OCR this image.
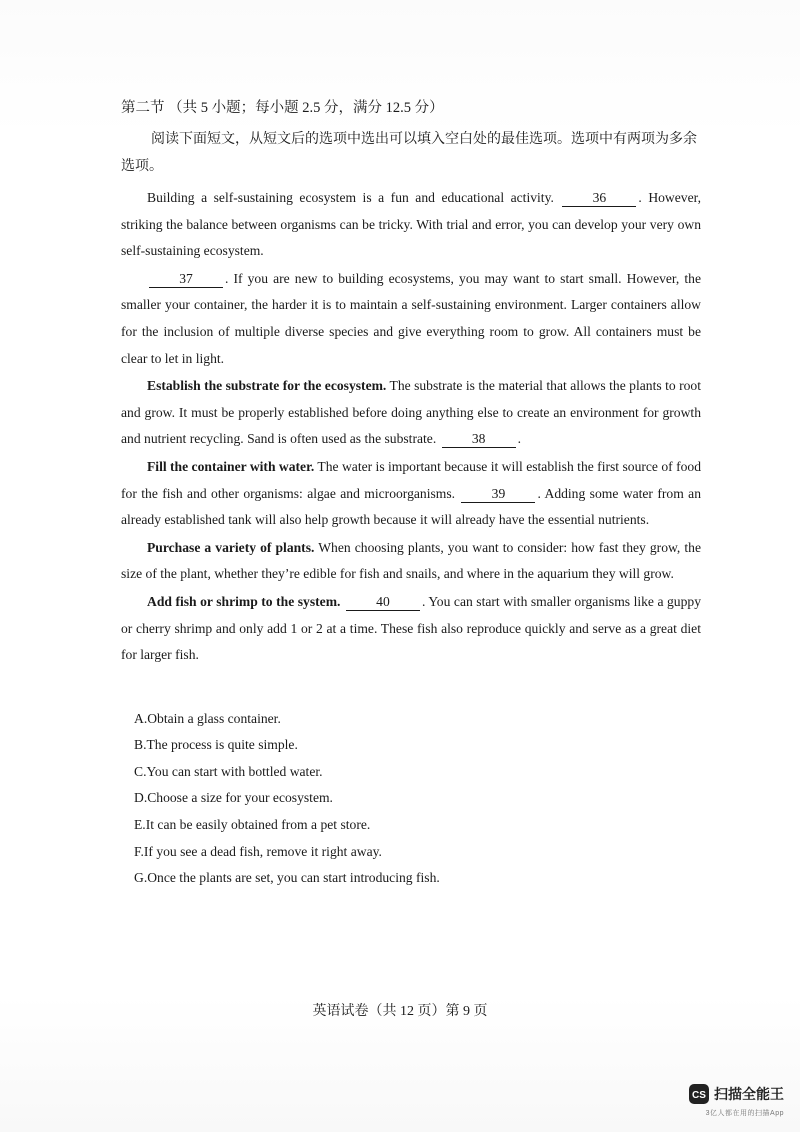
第二节 （共 5 小题；每小题 2.5 分，满分 12.5 分）
阅读下面短文，从短文后的选项中选出可以填入空白处的最佳选项。选项中有两项为多余选项。
Building a self-sustaining ecosystem is a fun and educational activity.	36 . However, striking the balance between organisms can be tricky. With trial and error, you can develop your very own self-sustaining ecosystem.
37 . If you are new to building ecosystems, you may want to start small. However, the smaller your container, the harder it is to maintain a self-sustaining environment. Larger containers allow for the inclusion of multiple diverse species and give everything room to grow. All containers must be clear to let in light.
Establish the substrate for the ecosystem. The substrate is the material that allows the plants to root and grow. It must be properly established before doing anything else to create an environment for growth and nutrient recycling. Sand is often used as the substrate.	38 .
Fill the container with water. The water is important because it will establish the first source of food for the fish and other organisms: algae and microorganisms.	39 . Adding some water from an already established tank will also help growth because it will already have the essential nutrients.
Purchase a variety of plants. When choosing plants, you want to consider: how fast they grow, the size of the plant, whether they’re edible for fish and snails, and where in the aquarium they will grow.
Add fish or shrimp to the system.	40 . You can start with smaller organisms like a guppy or cherry shrimp and only add 1 or 2 at a time. These fish also reproduce quickly and serve as a great diet for larger fish.
A.Obtain a glass container.
B.The process is quite simple.
C.You can start with bottled water.
D.Choose a size for your ecosystem.
E.It can be easily obtained from a pet store.
F.If you see a dead fish, remove it right away.
G.Once the plants are set, you can start introducing fish.
英语试卷（共 12 页）第 9 页
CS 扫描全能王
3亿人都在用的扫描App
